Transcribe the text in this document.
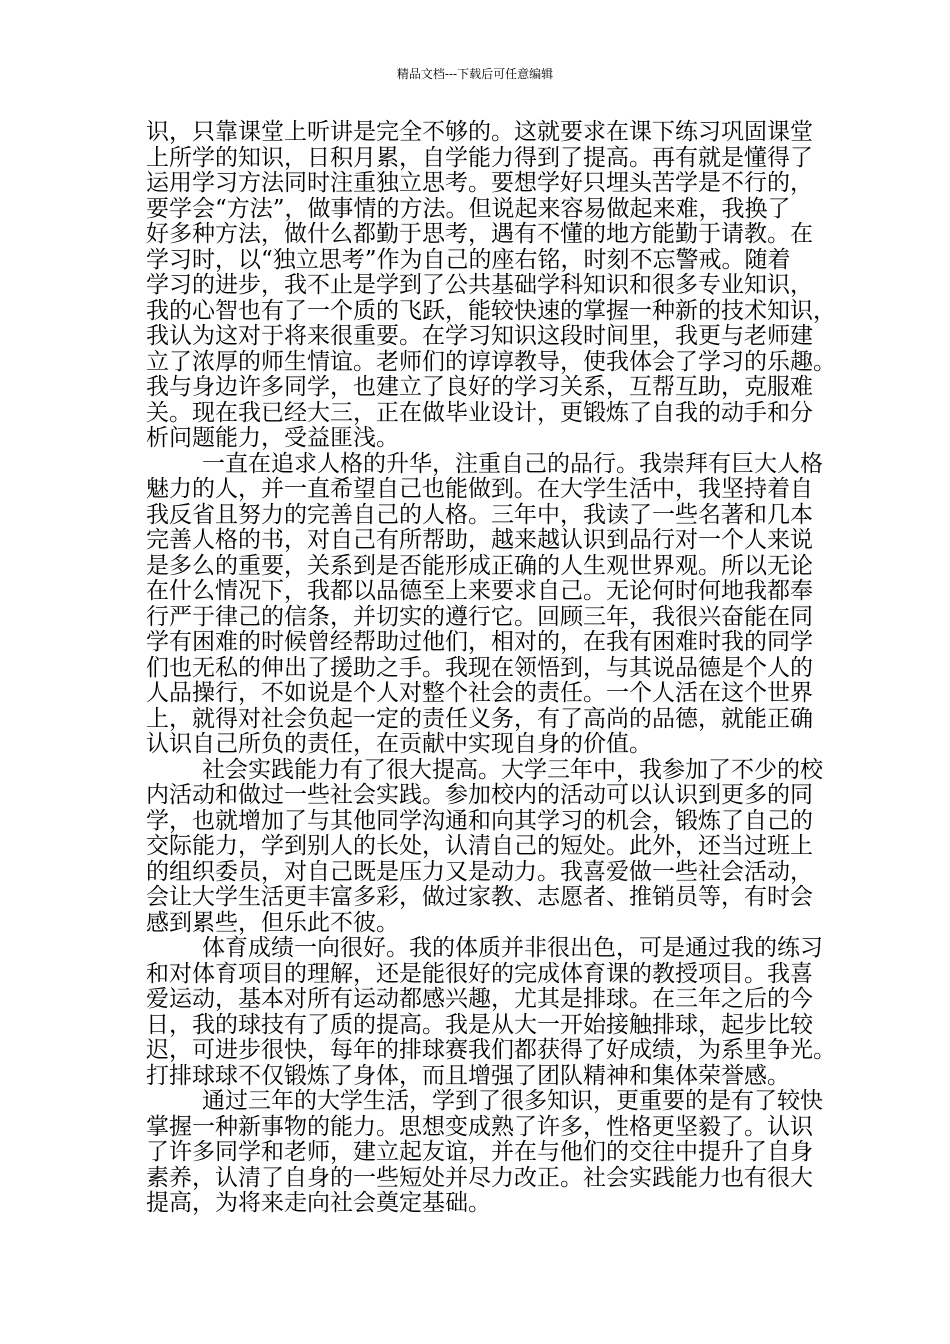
精品文档---下载后可任意编辑
识，只靠课堂上听讲是完全不够的。这就要求在课下练习巩固课堂
上所学的知识，日积月累，自学能力得到了提高。再有就是懂得了
运用学习方法同时注重独立思考。要想学好只埋头苦学是不行的，
要学会“方法”，做事情的方法。但说起来容易做起来难，我换了
好多种方法，做什么都勤于思考，遇有不懂的地方能勤于请教。在
学习时，以“独立思考”作为自己的座右铭，时刻不忘警戒。随着
学习的进步，我不止是学到了公共基础学科知识和很多专业知识，
我的心智也有了一个质的飞跃，能较快速的掌握一种新的技术知识，
我认为这对于将来很重要。在学习知识这段时间里，我更与老师建
立了浓厚的师生情谊。老师们的谆谆教导，使我体会了学习的乐趣。
我与身边许多同学，也建立了良好的学习关系，互帮互助，克服难
关。现在我已经大三，正在做毕业设计，更锻炼了自我的动手和分
析问题能力，受益匪浅。
一直在追求人格的升华，注重自己的品行。我崇拜有巨大人格
魅力的人，并一直希望自己也能做到。在大学生活中，我坚持着自
我反省且努力的完善自己的人格。三年中，我读了一些名著和几本
完善人格的书，对自己有所帮助，越来越认识到品行对一个人来说
是多么的重要，关系到是否能形成正确的人生观世界观。所以无论
在什么情况下，我都以品德至上来要求自己。无论何时何地我都奉
行严于律己的信条，并切实的遵行它。回顾三年，我很兴奋能在同
学有困难的时候曾经帮助过他们，相对的，在我有困难时我的同学
们也无私的伸出了援助之手。我现在领悟到，与其说品德是个人的
人品操行，不如说是个人对整个社会的责任。一个人活在这个世界
上，就得对社会负起一定的责任义务，有了高尚的品德，就能正确
认识自己所负的责任，在贡献中实现自身的价值。
社会实践能力有了很大提高。大学三年中，我参加了不少的校
内活动和做过一些社会实践。参加校内的活动可以认识到更多的同
学，也就增加了与其他同学沟通和向其学习的机会，锻炼了自己的
交际能力，学到别人的长处，认清自己的短处。此外，还当过班上
的组织委员，对自己既是压力又是动力。我喜爱做一些社会活动，
会让大学生活更丰富多彩，做过家教、志愿者、推销员等，有时会
感到累些，但乐此不彼。
体育成绩一向很好。我的体质并非很出色，可是通过我的练习
和对体育项目的理解，还是能很好的完成体育课的教授项目。我喜
爱运动，基本对所有运动都感兴趣，尤其是排球。在三年之后的今
日，我的球技有了质的提高。我是从大一开始接触排球，起步比较
迟，可进步很快，每年的排球赛我们都获得了好成绩，为系里争光。
打排球球不仅锻炼了身体，而且增强了团队精神和集体荣誉感。
通过三年的大学生活，学到了很多知识，更重要的是有了较快
掌握一种新事物的能力。思想变成熟了许多，性格更坚毅了。认识
了许多同学和老师，建立起友谊，并在与他们的交往中提升了自身
素养，认清了自身的一些短处并尽力改正。社会实践能力也有很大
提高，为将来走向社会奠定基础。
